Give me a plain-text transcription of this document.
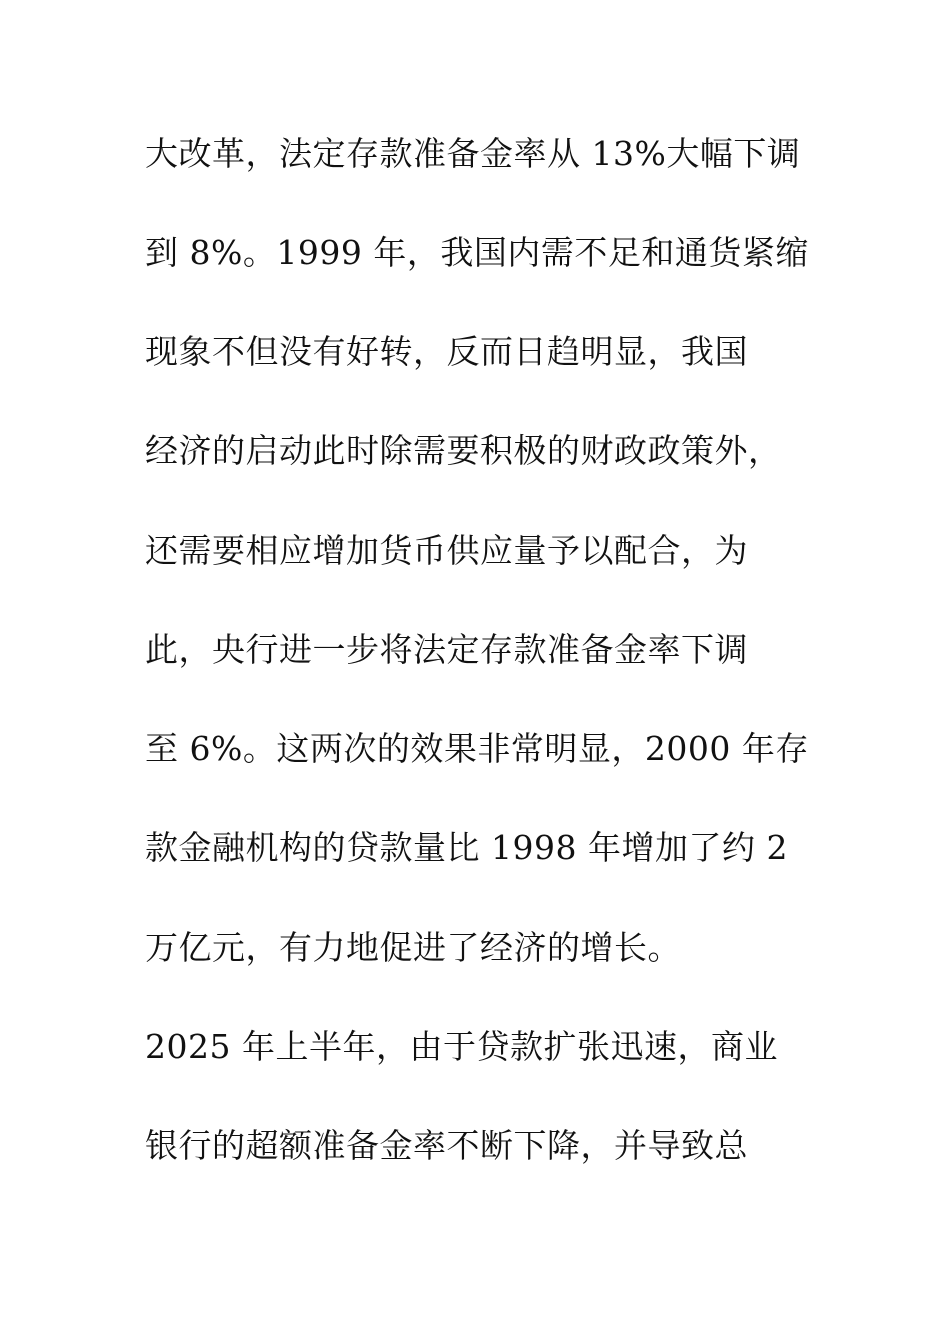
大改革，法定存款准备金率从 13%大幅下调
到 8%。1999 年，我国内需不足和通货紧缩
现象不但没有好转，反而日趋明显，我国
经济的启动此时除需要积极的财政政策外，
还需要相应增加货币供应量予以配合，为
此，央行进一步将法定存款准备金率下调
至 6%。这两次的效果非常明显，2000 年存
款金融机构的贷款量比 1998 年增加了约 2
万亿元，有力地促进了经济的增长。
2025 年上半年，由于贷款扩张迅速，商业
银行的超额准备金率不断下降，并导致总
